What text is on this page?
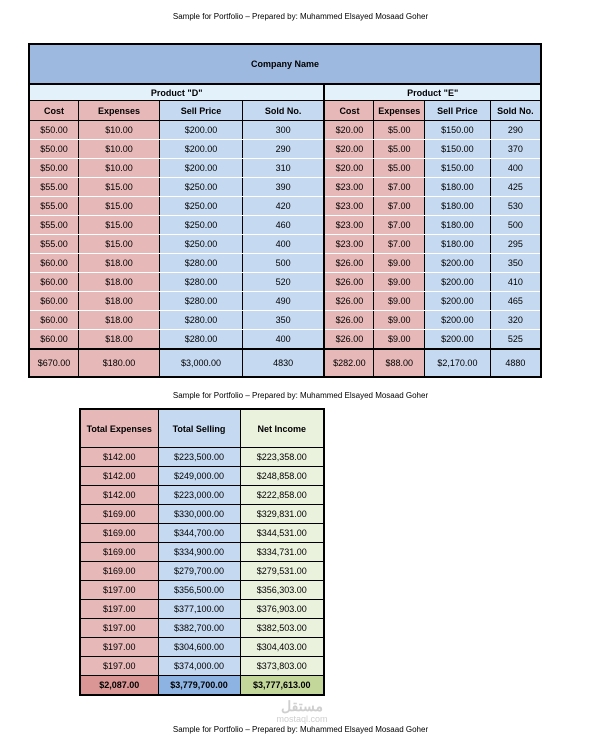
Sample for Portfolio – Prepared by: Muhammed Elsayed Mosaad Goher
Company Name							
Product "D"				Product "E"			
Cost	Expenses	Sell Price	Sold No.	Cost	Expenses	Sell Price	Sold No.
$50.00	$10.00	$200.00	300	$20.00	$5.00	$150.00	290
$50.00	$10.00	$200.00	290	$20.00	$5.00	$150.00	370
$50.00	$10.00	$200.00	310	$20.00	$5.00	$150.00	400
$55.00	$15.00	$250.00	390	$23.00	$7.00	$180.00	425
$55.00	$15.00	$250.00	420	$23.00	$7.00	$180.00	530
$55.00	$15.00	$250.00	460	$23.00	$7.00	$180.00	500
$55.00	$15.00	$250.00	400	$23.00	$7.00	$180.00	295
$60.00	$18.00	$280.00	500	$26.00	$9.00	$200.00	350
$60.00	$18.00	$280.00	520	$26.00	$9.00	$200.00	410
$60.00	$18.00	$280.00	490	$26.00	$9.00	$200.00	465
$60.00	$18.00	$280.00	350	$26.00	$9.00	$200.00	320
$60.00	$18.00	$280.00	400	$26.00	$9.00	$200.00	525
$670.00	$180.00	$3,000.00	4830	$282.00	$88.00	$2,170.00	4880
Sample for Portfolio – Prepared by: Muhammed Elsayed Mosaad Goher
Total Expenses	Total Selling	Net Income
$142.00	$223,500.00	$223,358.00
$142.00	$249,000.00	$248,858.00
$142.00	$223,000.00	$222,858.00
$169.00	$330,000.00	$329,831.00
$169.00	$344,700.00	$344,531.00
$169.00	$334,900.00	$334,731.00
$169.00	$279,700.00	$279,531.00
$197.00	$356,500.00	$356,303.00
$197.00	$377,100.00	$376,903.00
$197.00	$382,700.00	$382,503.00
$197.00	$304,600.00	$304,403.00
$197.00	$374,000.00	$373,803.00
$2,087.00	$3,779,700.00	$3,777,613.00
مستقل
mostaql.com
Sample for Portfolio – Prepared by: Muhammed Elsayed Mosaad Goher
